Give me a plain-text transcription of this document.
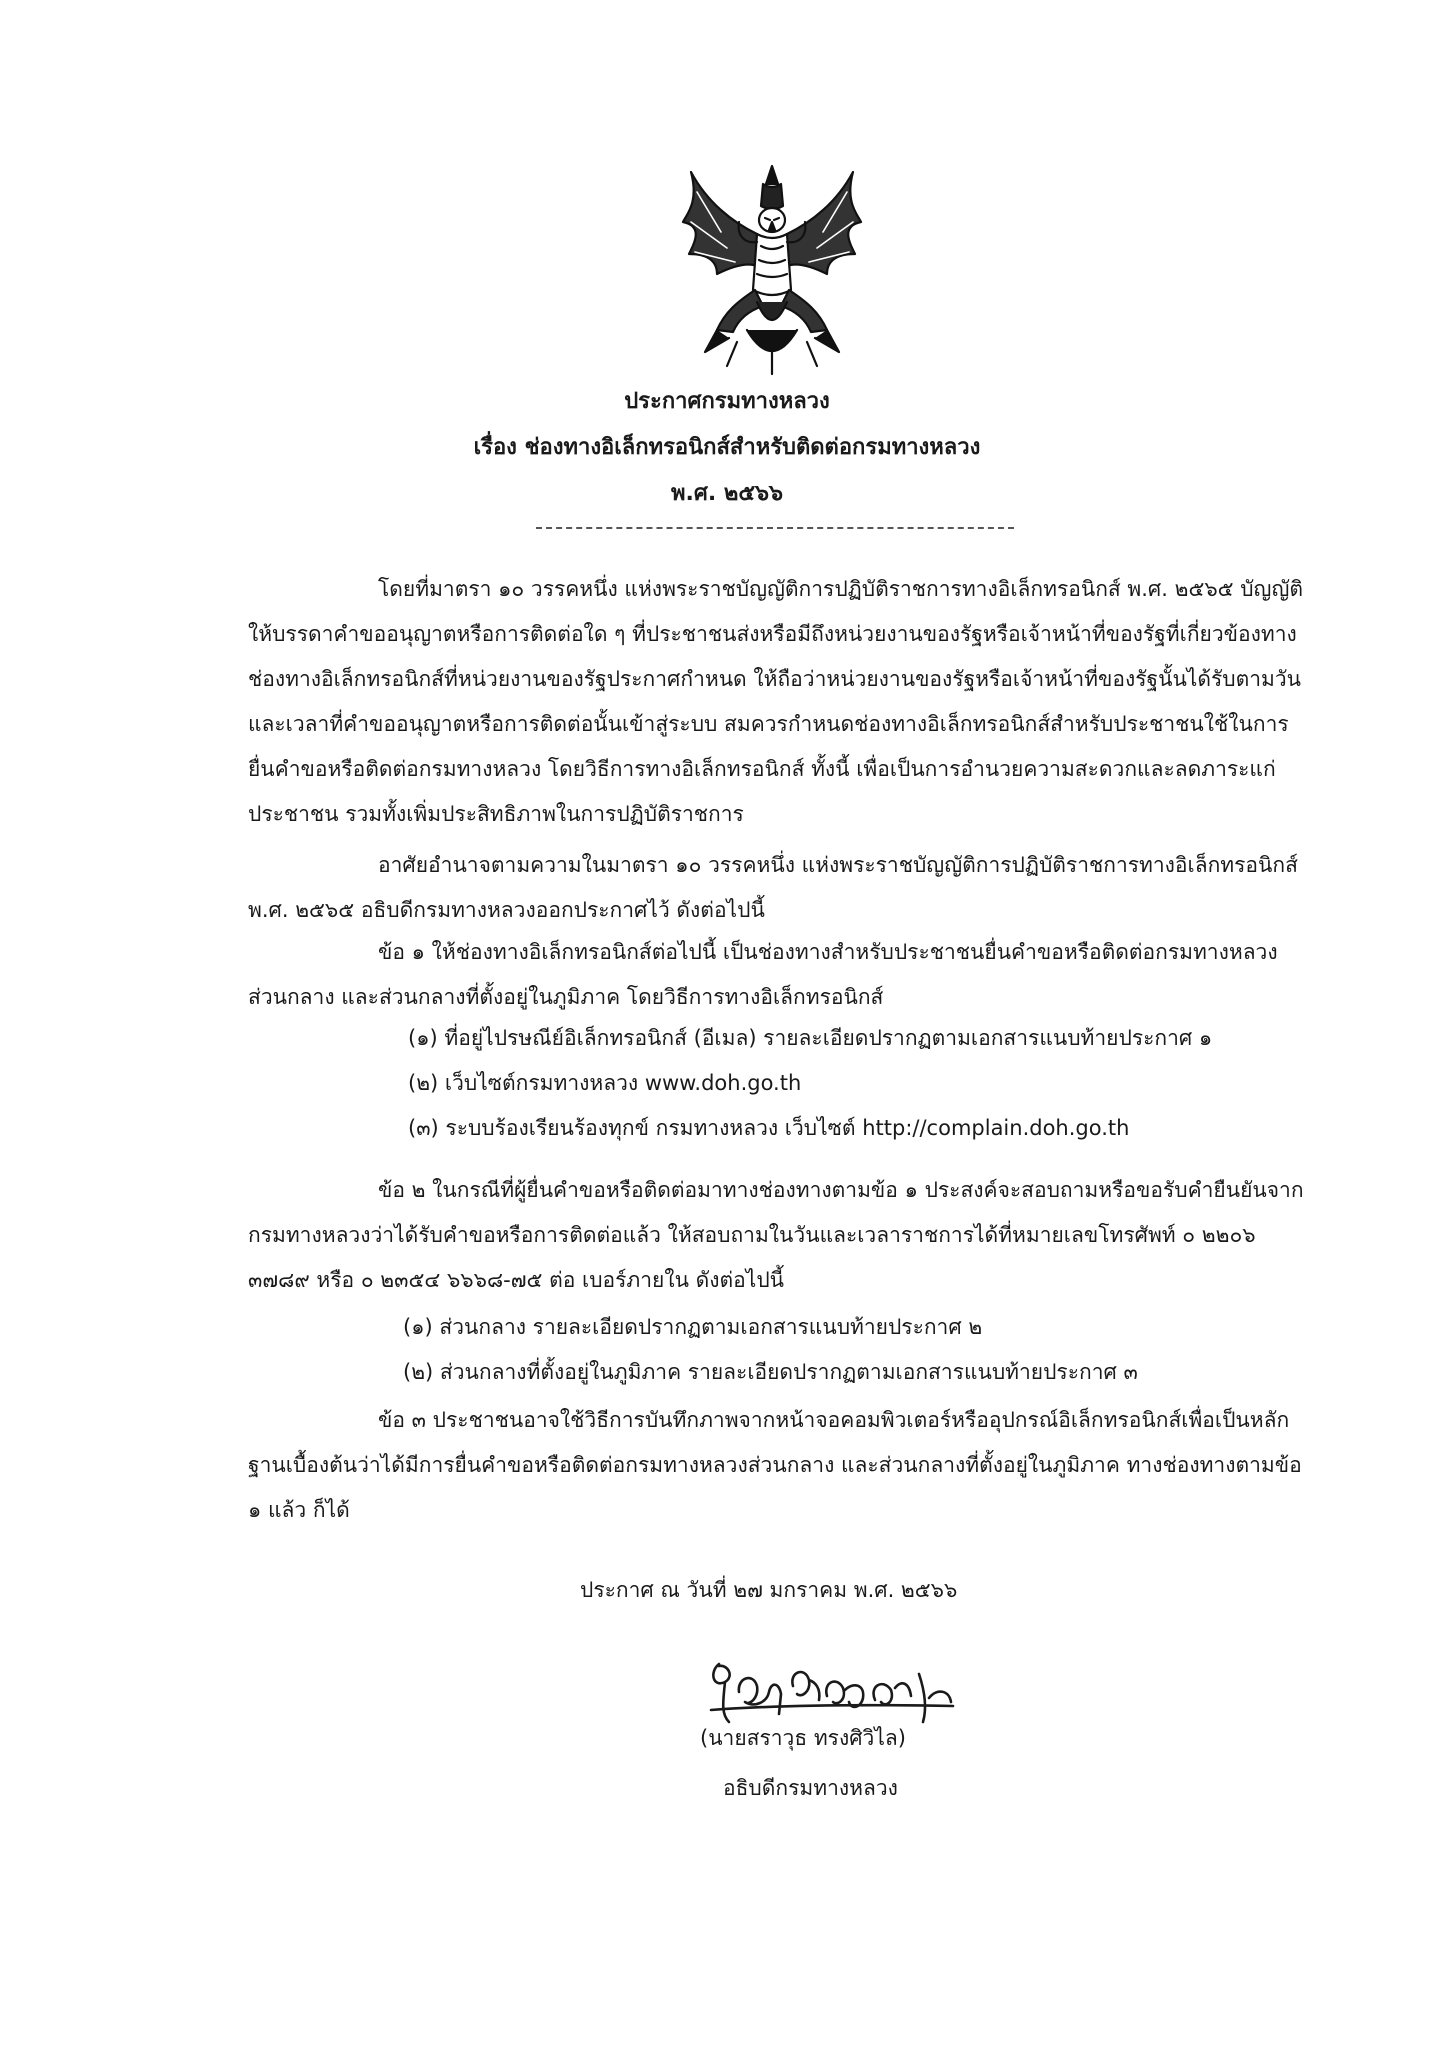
ประกาศกรมทางหลวง
เรื่อง ช่องทางอิเล็กทรอนิกส์สำหรับติดต่อกรมทางหลวง
พ.ศ. ๒๕๖๖

โดยที่มาตรา ๑๐ วรรคหนึ่ง แห่งพระราชบัญญัติการปฏิบัติราชการทางอิเล็กทรอนิกส์ พ.ศ. ๒๕๖๕ บัญญัติให้บรรดาคำขออนุญาตหรือการติดต่อใด ๆ ที่ประชาชนส่งหรือมีถึงหน่วยงานของรัฐหรือเจ้าหน้าที่ของรัฐที่เกี่ยวข้องทางช่องทางอิเล็กทรอนิกส์ที่หน่วยงานของรัฐประกาศกำหนด ให้ถือว่าหน่วยงานของรัฐหรือเจ้าหน้าที่ของรัฐนั้นได้รับตามวันและเวลาที่คำขออนุญาตหรือการติดต่อนั้นเข้าสู่ระบบ สมควรกำหนดช่องทางอิเล็กทรอนิกส์สำหรับประชาชนใช้ในการยื่นคำขอหรือติดต่อกรมทางหลวง โดยวิธีการทางอิเล็กทรอนิกส์ ทั้งนี้ เพื่อเป็นการอำนวยความสะดวกและลดภาระแก่ประชาชน รวมทั้งเพิ่มประสิทธิภาพในการปฏิบัติราชการ

อาศัยอำนาจตามความในมาตรา ๑๐ วรรคหนึ่ง แห่งพระราชบัญญัติการปฏิบัติราชการทางอิเล็กทรอนิกส์ พ.ศ. ๒๕๖๕ อธิบดีกรมทางหลวงออกประกาศไว้ ดังต่อไปนี้

ข้อ ๑ ให้ช่องทางอิเล็กทรอนิกส์ต่อไปนี้ เป็นช่องทางสำหรับประชาชนยื่นคำขอหรือติดต่อกรมทางหลวงส่วนกลาง และส่วนกลางที่ตั้งอยู่ในภูมิภาค โดยวิธีการทางอิเล็กทรอนิกส์

(๑) ที่อยู่ไปรษณีย์อิเล็กทรอนิกส์ (อีเมล) รายละเอียดปรากฏตามเอกสารแนบท้ายประกาศ ๑

(๒) เว็บไซต์กรมทางหลวง www.doh.go.th

(๓) ระบบร้องเรียนร้องทุกข์ กรมทางหลวง เว็บไซต์ http://complain.doh.go.th

ข้อ ๒ ในกรณีที่ผู้ยื่นคำขอหรือติดต่อมาทางช่องทางตามข้อ ๑ ประสงค์จะสอบถามหรือขอรับคำยืนยันจากกรมทางหลวงว่าได้รับคำขอหรือการติดต่อแล้ว ให้สอบถามในวันและเวลาราชการได้ที่หมายเลขโทรศัพท์ ๐ ๒๒๐๖ ๓๗๘๙ หรือ ๐ ๒๓๕๔ ๖๖๖๘-๗๕ ต่อ เบอร์ภายใน ดังต่อไปนี้

(๑) ส่วนกลาง รายละเอียดปรากฏตามเอกสารแนบท้ายประกาศ ๒

(๒) ส่วนกลางที่ตั้งอยู่ในภูมิภาค รายละเอียดปรากฏตามเอกสารแนบท้ายประกาศ ๓

ข้อ ๓ ประชาชนอาจใช้วิธีการบันทึกภาพจากหน้าจอคอมพิวเตอร์หรืออุปกรณ์อิเล็กทรอนิกส์เพื่อเป็นหลักฐานเบื้องต้นว่าได้มีการยื่นคำขอหรือติดต่อกรมทางหลวงส่วนกลาง และส่วนกลางที่ตั้งอยู่ในภูมิภาค ทางช่องทางตามข้อ ๑ แล้ว ก็ได้

ประกาศ ณ วันที่ ๒๗ มกราคม พ.ศ. ๒๕๖๖
(นายสราวุธ ทรงศิวิไล)
อธิบดีกรมทางหลวง
